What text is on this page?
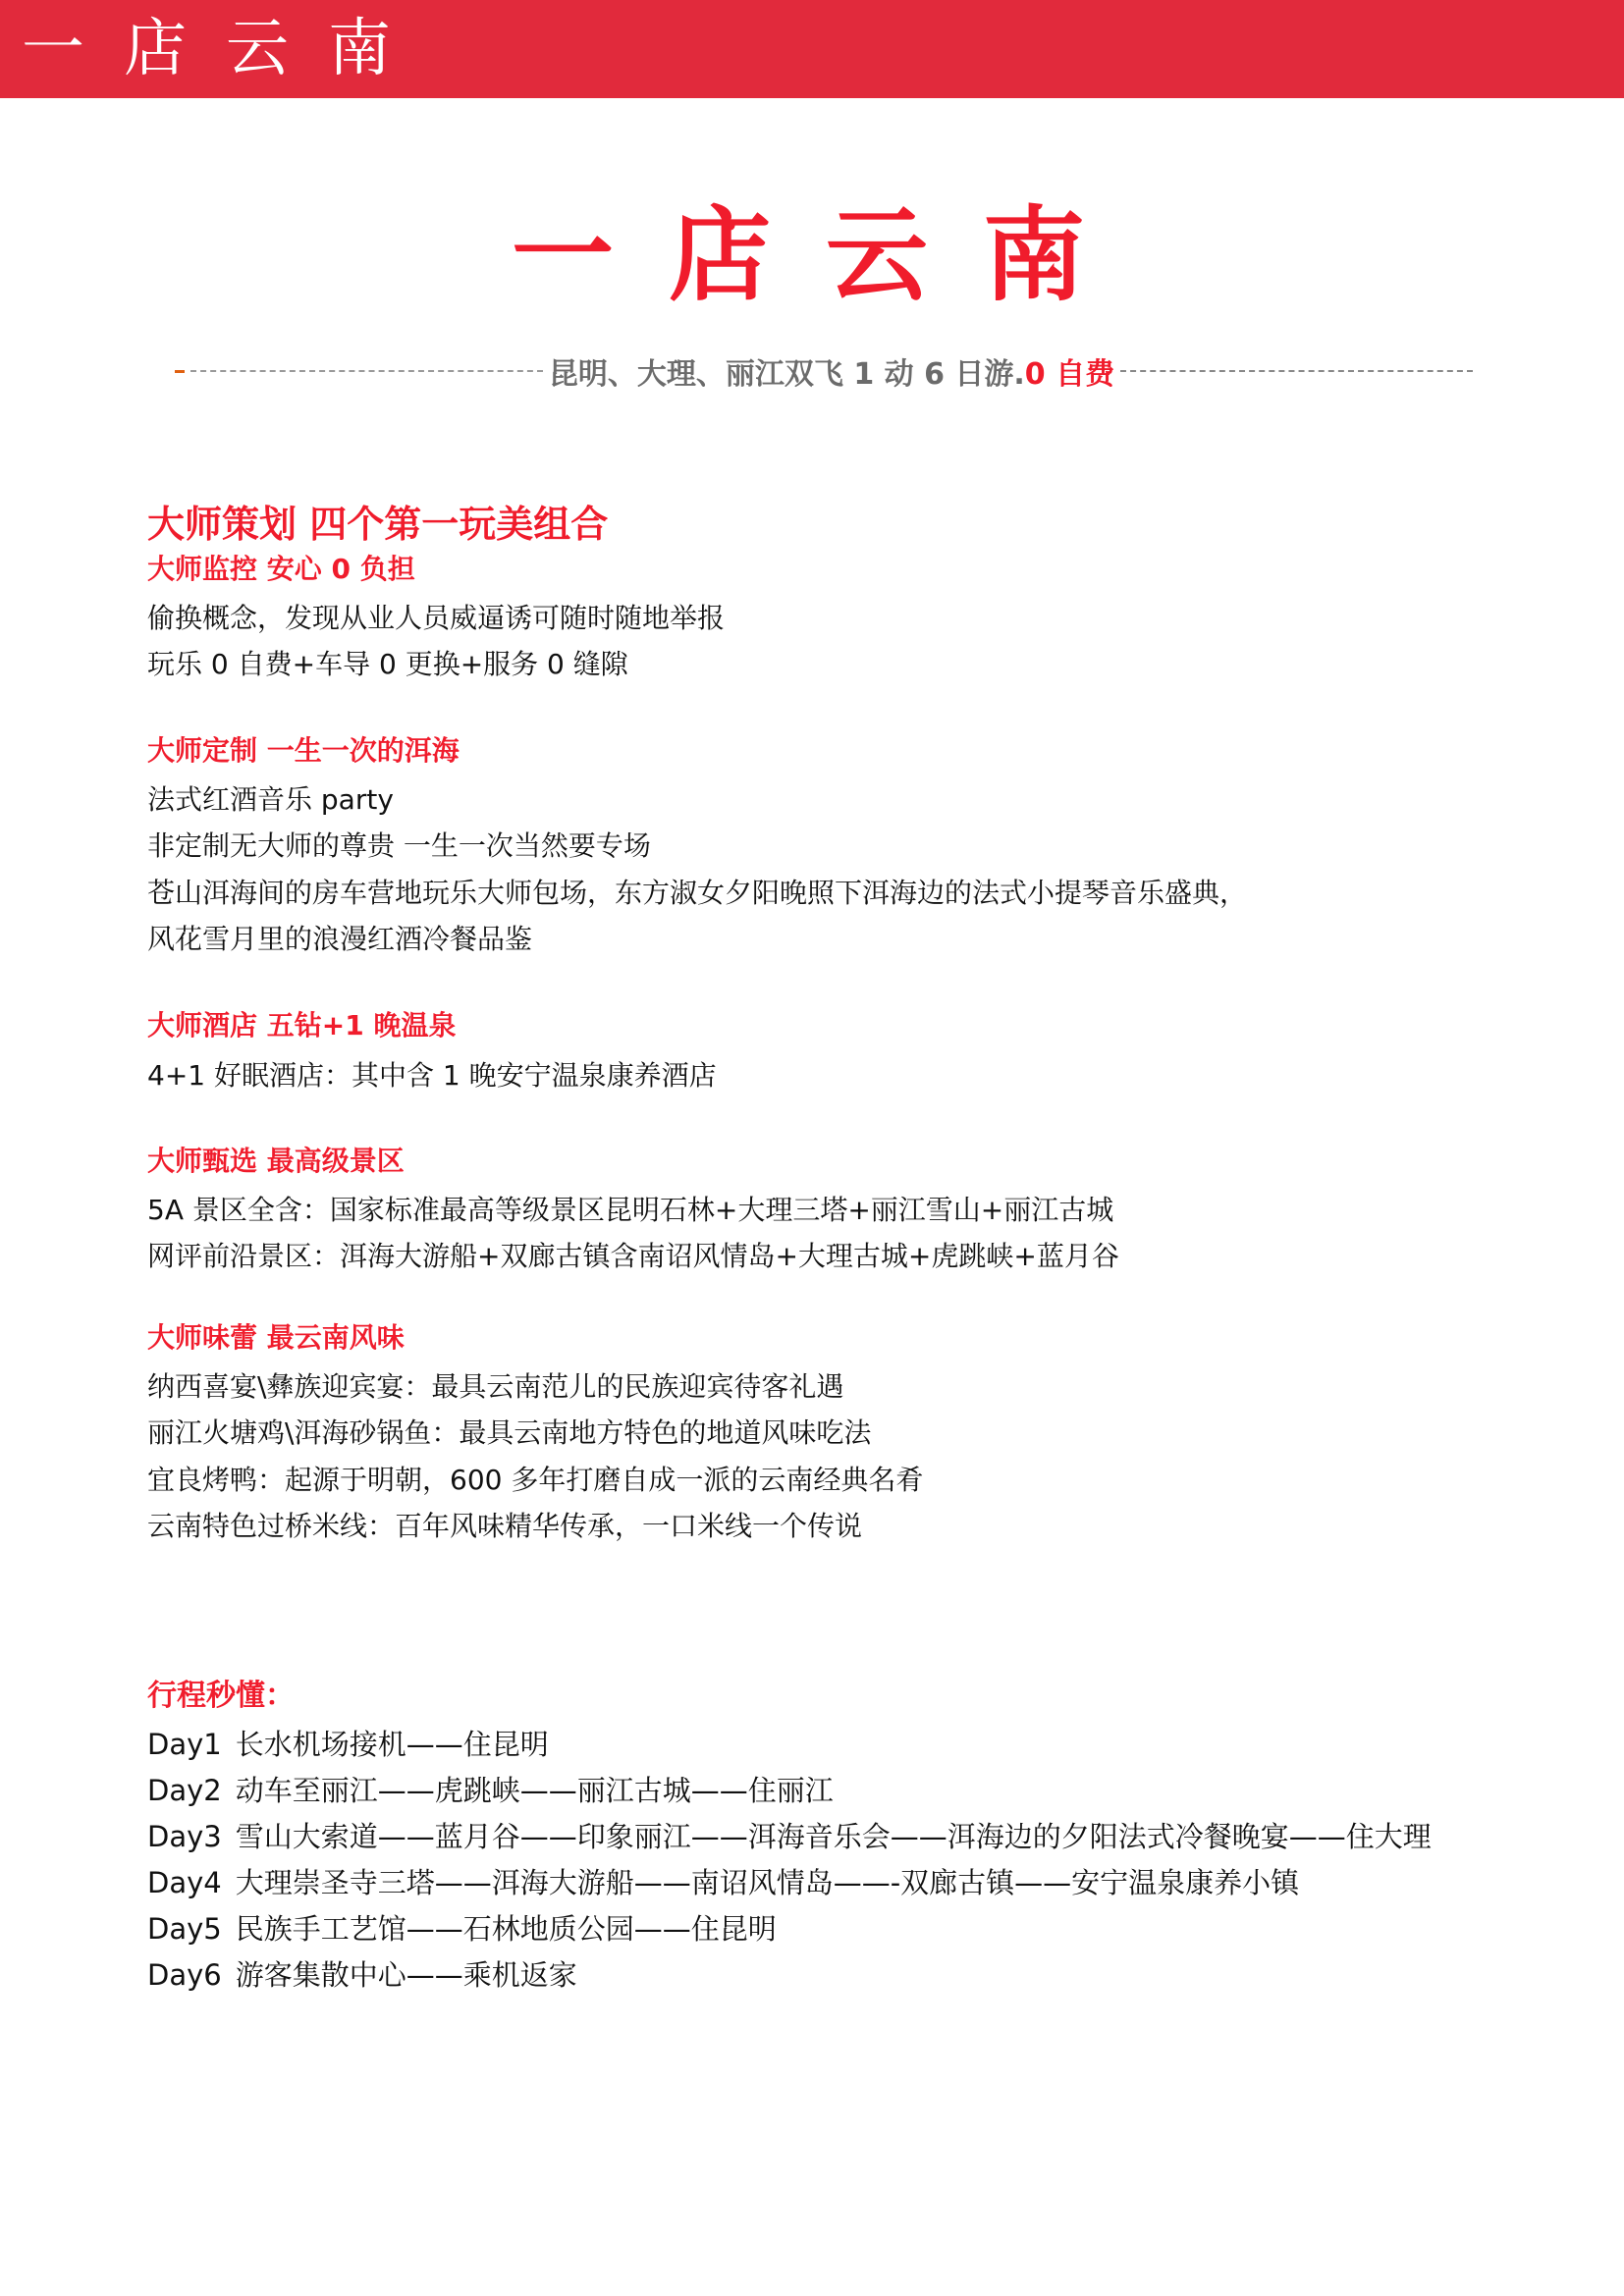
一店云南
一店云南
昆明、大理、丽江双飞 1 动 6 日游. 0 自费
大师策划 四个第一玩美组合
大师监控 安心 0 负担
偷换概念，发现从业人员威逼诱可随时随地举报
玩乐 0 自费+车导 0 更换+服务 0 缝隙
大师定制 一生一次的洱海
法式红酒音乐 party
非定制无大师的尊贵 一生一次当然要专场
苍山洱海间的房车营地玩乐大师包场，东方淑女夕阳晚照下洱海边的法式小提琴音乐盛典，
风花雪月里的浪漫红酒冷餐品鉴
大师酒店 五钻+1 晚温泉
4+1 好眠酒店：其中含 1 晚安宁温泉康养酒店
大师甄选 最高级景区
5A 景区全含：国家标准最高等级景区昆明石林+大理三塔+丽江雪山+丽江古城
网评前沿景区：洱海大游船+双廊古镇含南诏风情岛+大理古城+虎跳峡+蓝月谷
大师味蕾 最云南风味
纳西喜宴\彝族迎宾宴：最具云南范儿的民族迎宾待客礼遇
丽江火塘鸡\洱海砂锅鱼：最具云南地方特色的地道风味吃法
宜良烤鸭：起源于明朝，600 多年打磨自成一派的云南经典名肴
云南特色过桥米线：百年风味精华传承，一口米线一个传说
行程秒懂：
Day1 长水机场接机——住昆明
Day2 动车至丽江——虎跳峡——丽江古城——住丽江
Day3 雪山大索道——蓝月谷——印象丽江——洱海音乐会——洱海边的夕阳法式冷餐晚宴——住大理
Day4 大理崇圣寺三塔——洱海大游船——南诏风情岛——-双廊古镇——安宁温泉康养小镇
Day5 民族手工艺馆——石林地质公园——住昆明
Day6 游客集散中心——乘机返家
